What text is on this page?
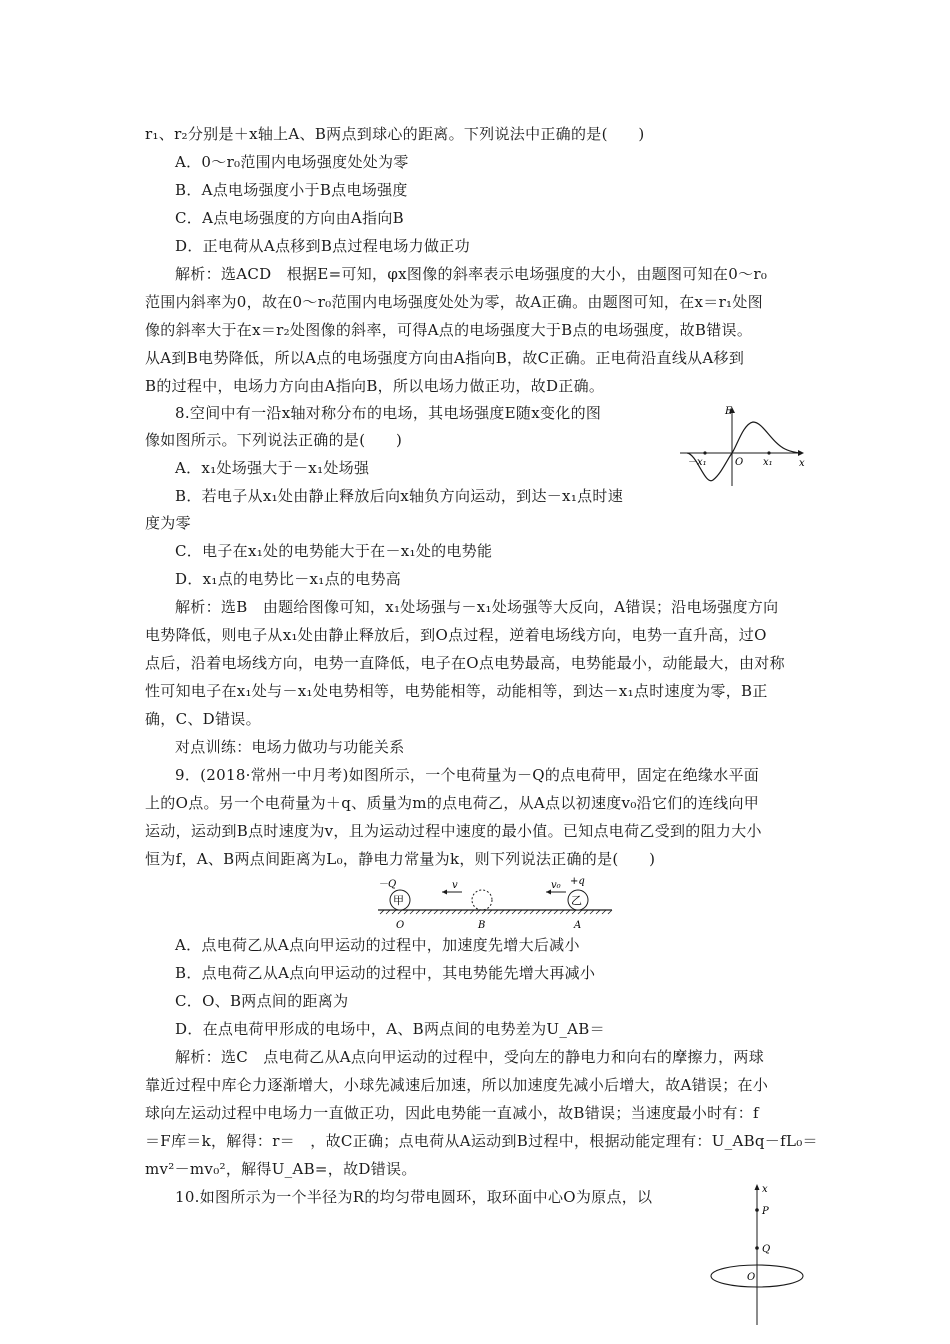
r₁、r₂分别是＋x轴上A、B两点到球心的距离。下列说法中正确的是(　　)
A．0～r₀范围内电场强度处处为零
B．A点电场强度小于B点电场强度
C．A点电场强度的方向由A指向B
D．正电荷从A点移到B点过程电场力做正功
解析：选ACD　根据E=可知，φx图像的斜率表示电场强度的大小，由题图可知在0～r₀
范围内斜率为0，故在0～r₀范围内电场强度处处为零，故A正确。由题图可知，在x＝r₁处图
像的斜率大于在x＝r₂处图像的斜率，可得A点的电场强度大于B点的电场强度，故B错误。
从A到B电势降低，所以A点的电场强度方向由A指向B，故C正确。正电荷沿直线从A移到
B的过程中，电场力方向由A指向B，所以电场力做正功，故D正确。
8.空间中有一沿x轴对称分布的电场，其电场强度E随x变化的图
像如图所示。下列说法正确的是(　　)
A．x₁处场强大于－x₁处场强
B．若电子从x₁处由静止释放后向x轴负方向运动，到达－x₁点时速
度为零
C．电子在x₁处的电势能大于在－x₁处的电势能
D．x₁点的电势比－x₁点的电势高
解析：选B　由题给图像可知，x₁处场强与－x₁处场强等大反向，A错误；沿电场强度方向
电势降低，则电子从x₁处由静止释放后，到O点过程，逆着电场线方向，电势一直升高，过O
点后，沿着电场线方向，电势一直降低，电子在O点电势最高，电势能最小，动能最大，由对称
性可知电子在x₁处与－x₁处电势相等，电势能相等，动能相等，到达－x₁点时速度为零，B正
确，C、D错误。
E
x
O
－x₁	x₁
对点训练：电场力做功与功能关系
9．(2018·常州一中月考)如图所示，一个电荷量为－Q的点电荷甲，固定在绝缘水平面
上的O点。另一个电荷量为＋q、质量为m的点电荷乙，从A点以初速度v₀沿它们的连线向甲
运动，运动到B点时速度为v，且为运动过程中速度的最小值。已知点电荷乙受到的阻力大小
恒为f，A、B两点间距离为L₀，静电力常量为k，则下列说法正确的是(　　)
甲
－Q	v
乙
+q
v₀
O	B	A
A．点电荷乙从A点向甲运动的过程中，加速度先增大后减小
B．点电荷乙从A点向甲运动的过程中，其电势能先增大再减小
C．O、B两点间的距离为
D．在点电荷甲形成的电场中，A、B两点间的电势差为U_AB＝
解析：选C　点电荷乙从A点向甲运动的过程中，受向左的静电力和向右的摩擦力，两球
靠近过程中库仑力逐渐增大，小球先减速后加速，所以加速度先减小后增大，故A错误；在小
球向左运动过程中电场力一直做正功，因此电势能一直减小，故B错误；当速度最小时有：f
＝F库＝k，解得：r＝　，故C正确；点电荷从A运动到B过程中，根据动能定理有：U_ABq－fL₀＝
mv²－mv₀²，解得U_AB=，故D错误。
10.如图所示为一个半径为R的均匀带电圆环，取环面中心O为原点，以	x
P
Q
O
